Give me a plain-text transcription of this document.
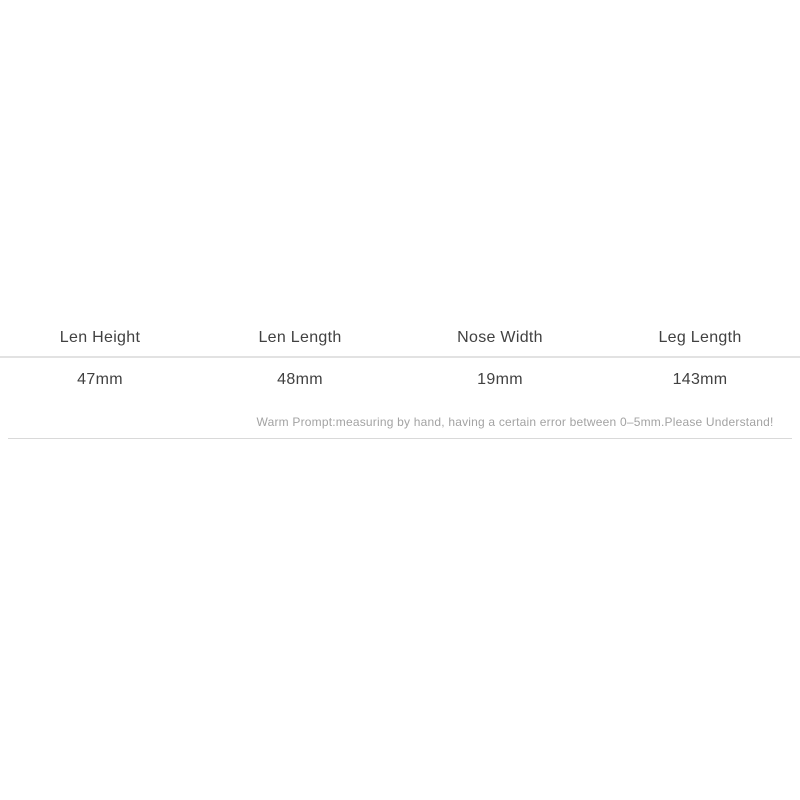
Len Height	Len Length	Nose Width	Leg Length
47mm	48mm	19mm	143mm
Warm Prompt:measuring by hand, having a certain error between 0–5mm.Please Understand!
